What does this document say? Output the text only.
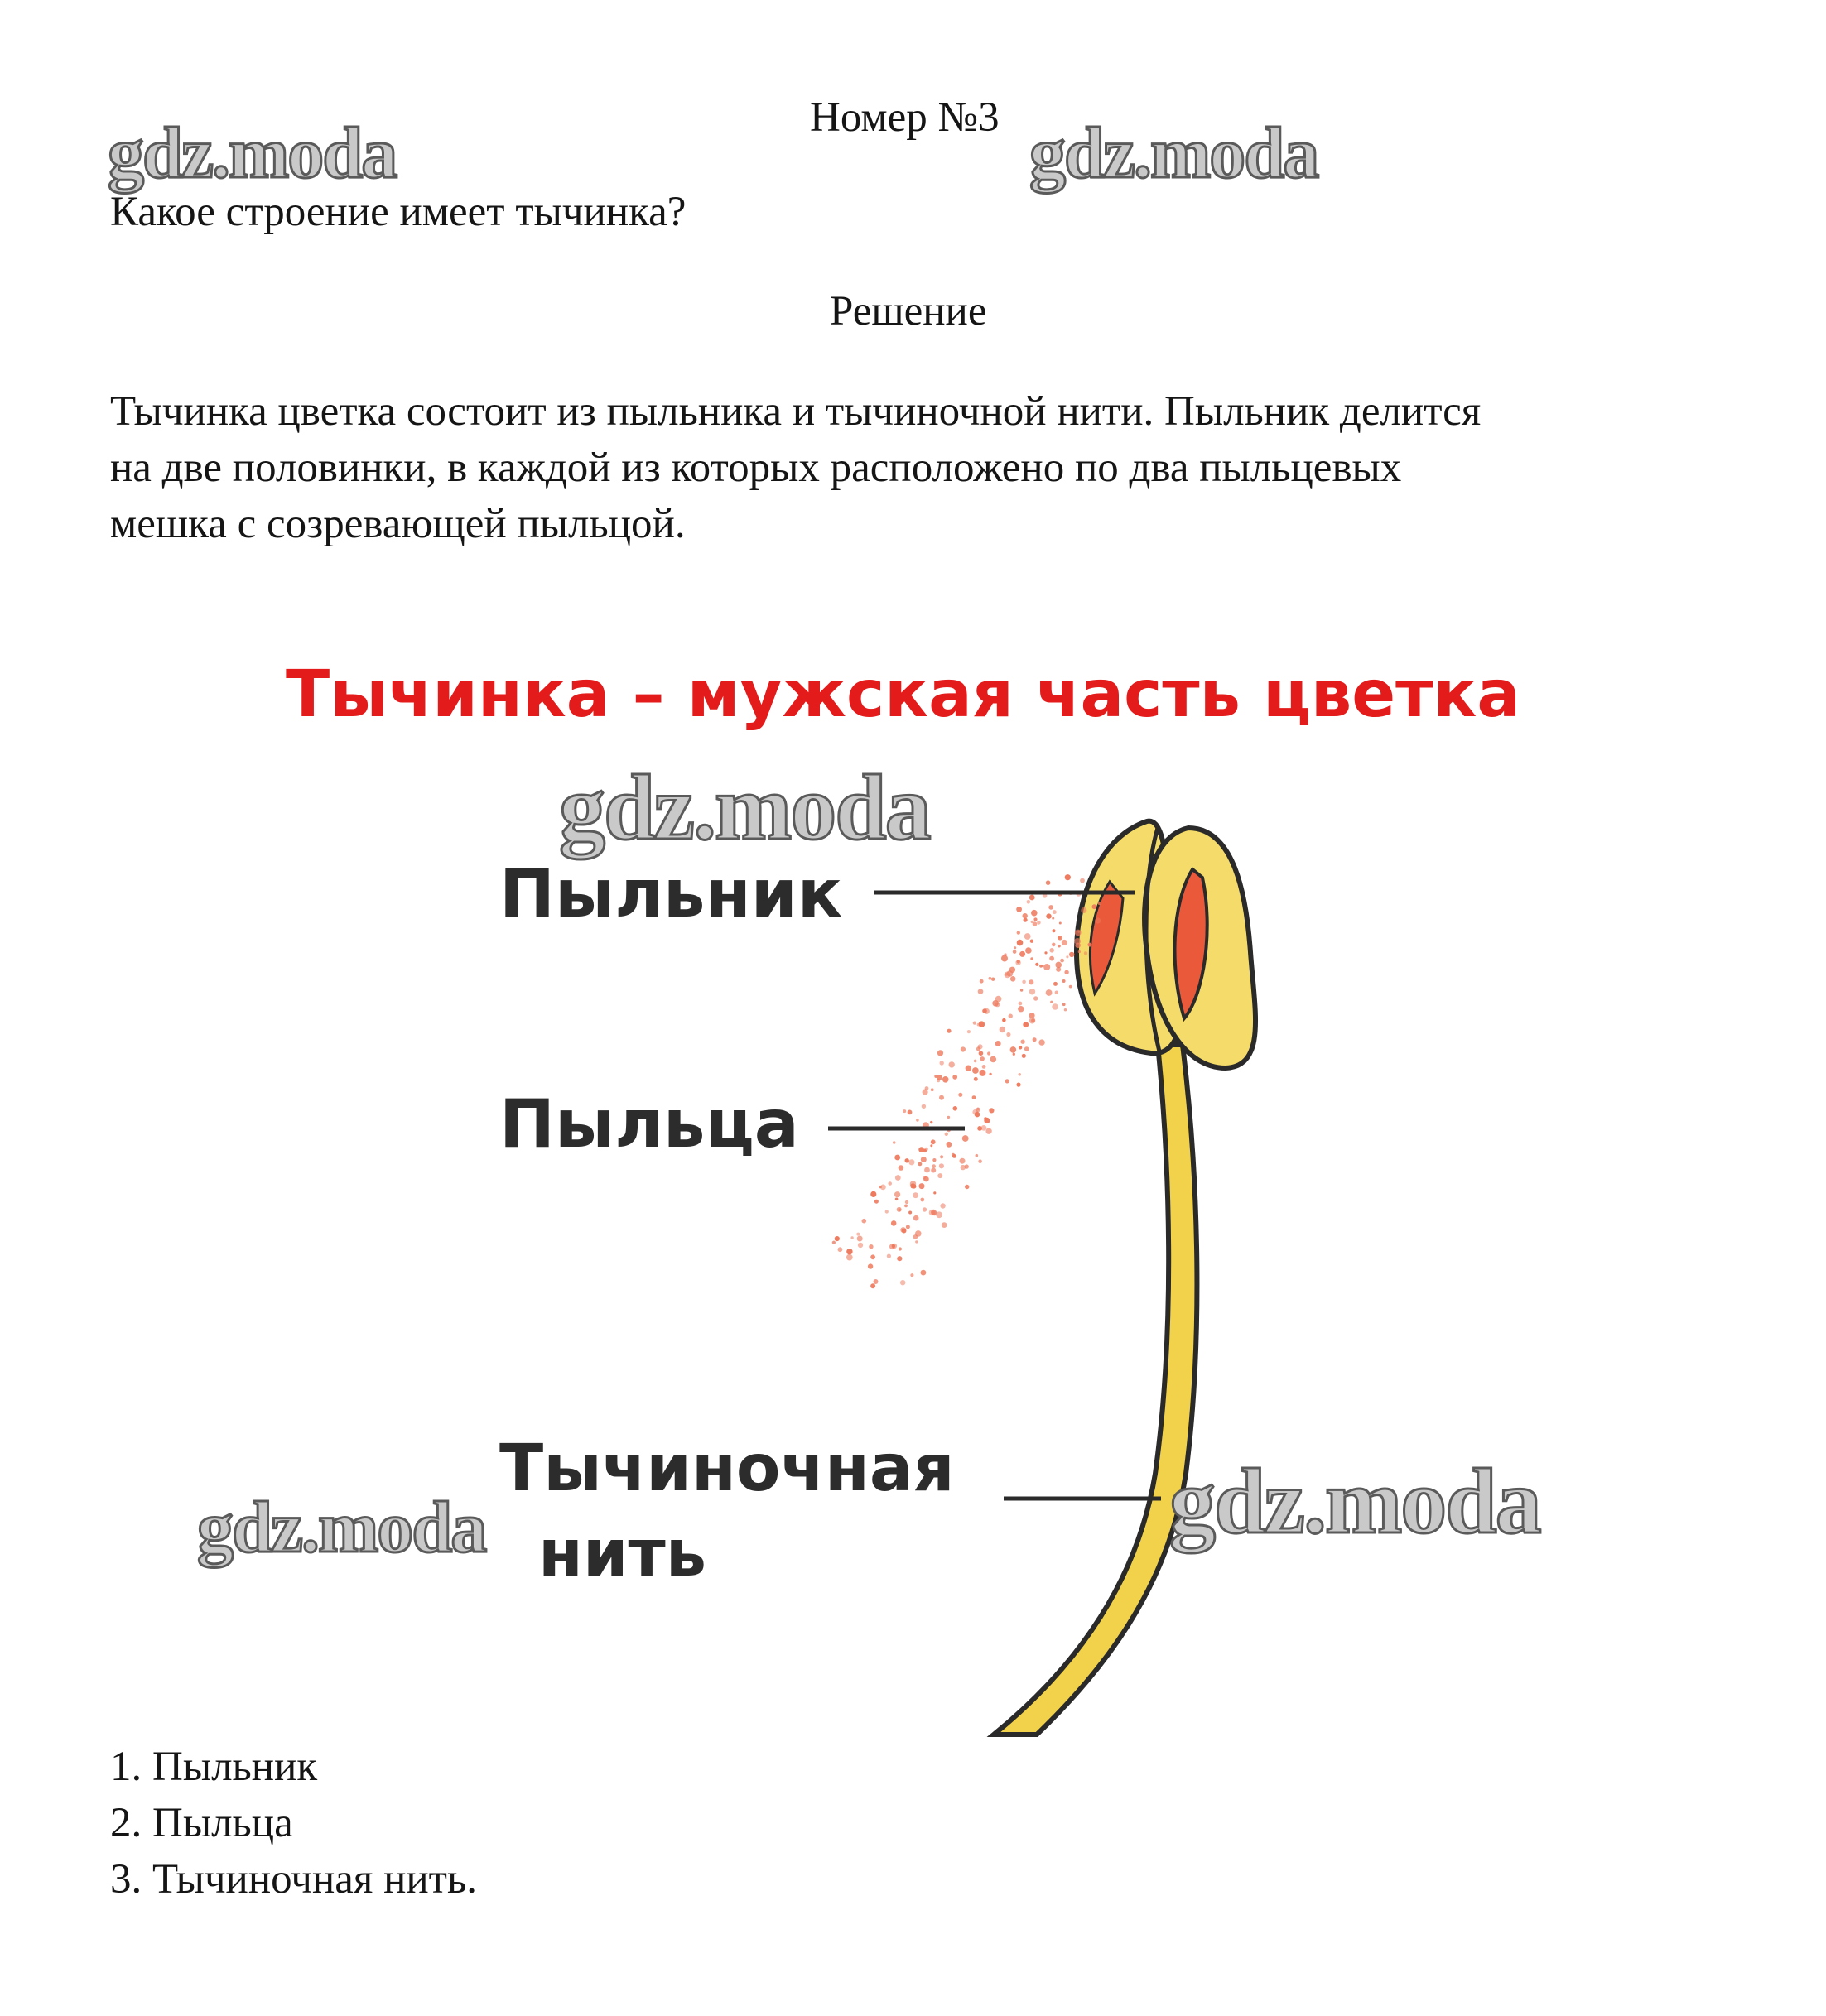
Номер №3
Какое строение имеет тычинка?
Решение
Тычинка цветка состоит из пыльника и тычиночной нити. Пыльник делится
на две половинки, в каждой из которых расположено по два пыльцевых
мешка с созревающей пыльцой.
Тычинка – мужская часть цветка
Пыльник
Пыльца
Тычиночная
нить
1. Пыльник
2. Пыльца
3. Тычиночная нить.
gdz.moda	gdz.moda
gdz.moda
gdz.moda	gdz.moda
